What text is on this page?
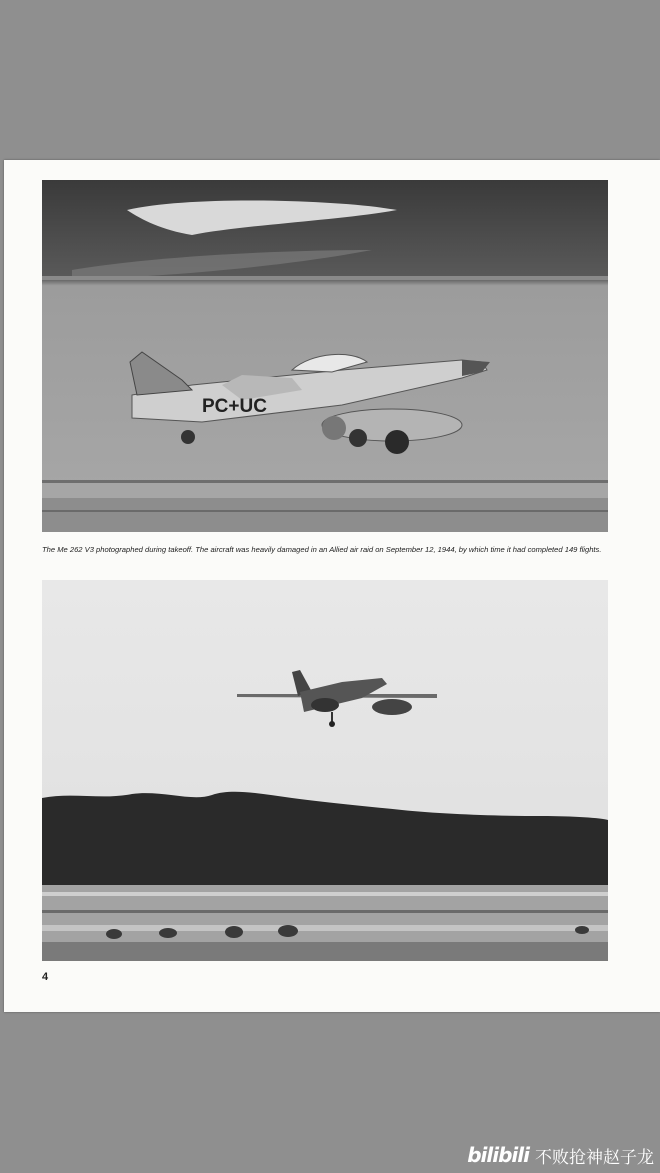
PC+UC

The Me 262 V3 photographed during takeoff. The aircraft was heavily damaged in an Allied air raid on September 12, 1944, by which time it had completed 149 flights.

4
bilibili 不败抢神赵子龙
